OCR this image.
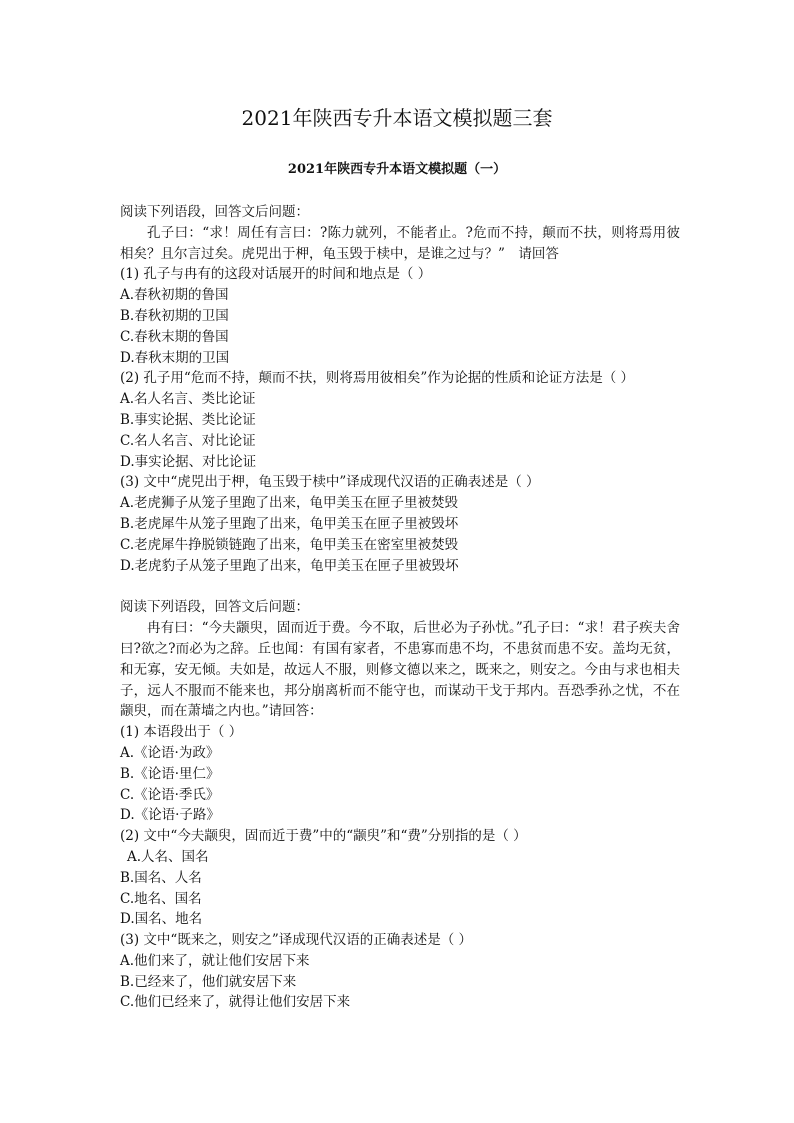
2021年陕西专升本语文模拟题三套
2021年陕西专升本语文模拟题（一）
阅读下列语段，回答文后问题：
孔子曰：“求！周任有言曰：?陈力就列，不能者止。?危而不持，颠而不扶，则将焉用彼相矣？且尔言过矣。虎兕出于柙，龟玉毁于椟中，是谁之过与？”　请回答
(1) 孔子与冉有的这段对话展开的时间和地点是（ ）
A.春秋初期的鲁国
B.春秋初期的卫国
C.春秋末期的鲁国
D.春秋末期的卫国
(2) 孔子用“危而不持，颠而不扶，则将焉用彼相矣”作为论据的性质和论证方法是（ ）
A.名人名言、类比论证
B.事实论据、类比论证
C.名人名言、对比论证
D.事实论据、对比论证
(3) 文中“虎兕出于柙，龟玉毁于椟中”译成现代汉语的正确表述是（ ）
A.老虎狮子从笼子里跑了出来，龟甲美玉在匣子里被焚毁
B.老虎犀牛从笼子里跑了出来，龟甲美玉在匣子里被毁坏
C.老虎犀牛挣脱锁链跑了出来，龟甲美玉在密室里被焚毁
D.老虎豹子从笼子里跑了出来，龟甲美玉在匣子里被毁坏
阅读下列语段，回答文后问题：
冉有曰：“今夫颛臾，固而近于费。今不取，后世必为子孙忧。”孔子曰：“求！君子疾夫舍曰?欲之?而必为之辞。丘也闻：有国有家者，不患寡而患不均，不患贫而患不安。盖均无贫，和无寡，安无倾。夫如是，故远人不服，则修文德以来之，既来之，则安之。今由与求也相夫子，远人不服而不能来也，邦分崩离析而不能守也，而谋动干戈于邦内。吾恐季孙之忧，不在颛臾，而在萧墙之内也。”请回答：
(1) 本语段出于（ ）
A.《论语·为政》
B.《论语·里仁》
C.《论语·季氏》
D.《论语·子路》
(2) 文中“今夫颛臾，固而近于费”中的“颛臾”和“费”分别指的是（ ）
A.人名、国名
B.国名、人名
C.地名、国名
D.国名、地名
(3) 文中“既来之，则安之”译成现代汉语的正确表述是（ ）
A.他们来了，就让他们安居下来
B.已经来了，他们就安居下来
C.他们已经来了，就得让他们安居下来
